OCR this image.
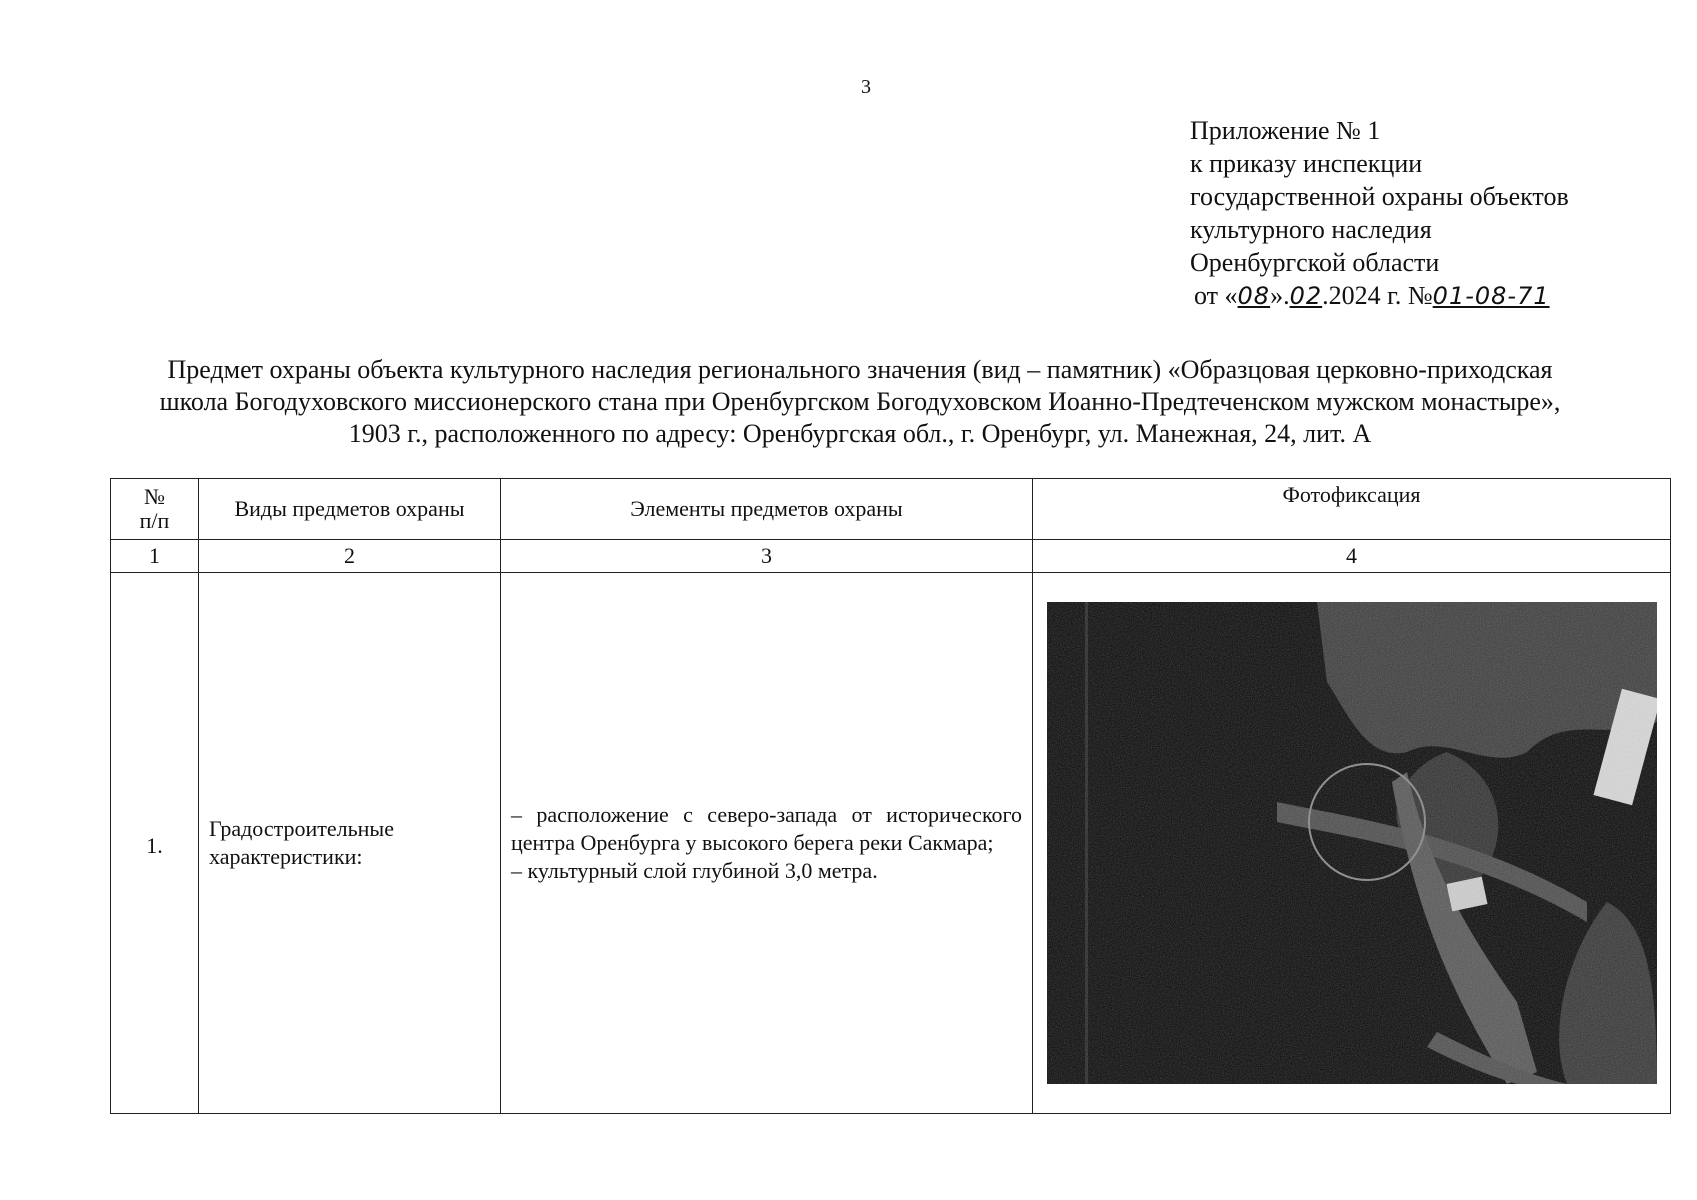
3
Приложение № 1
к приказу инспекции
государственной охраны объектов
культурного наследия
Оренбургской области
от «08».02.2024 г. №01-08-71
Предмет охраны объекта культурного наследия регионального значения (вид – памятник) «Образцовая церковно-приходская
школа Богодуховского миссионерского стана при Оренбургском Богодуховском Иоанно-Предтеченском мужском монастыре»,
1903 г., расположенного по адресу: Оренбургская обл., г. Оренбург, ул. Манежная, 24, лит. А
№
п/п	Виды предметов охраны	Элементы предметов охраны	Фотофиксация
1	2	3	4
1.	Градостроительные характеристики:	– расположение с северо-запада от исторического центра Оренбурга у высокого берега реки Сакмара;
– культурный слой глубиной 3,0 метра.
